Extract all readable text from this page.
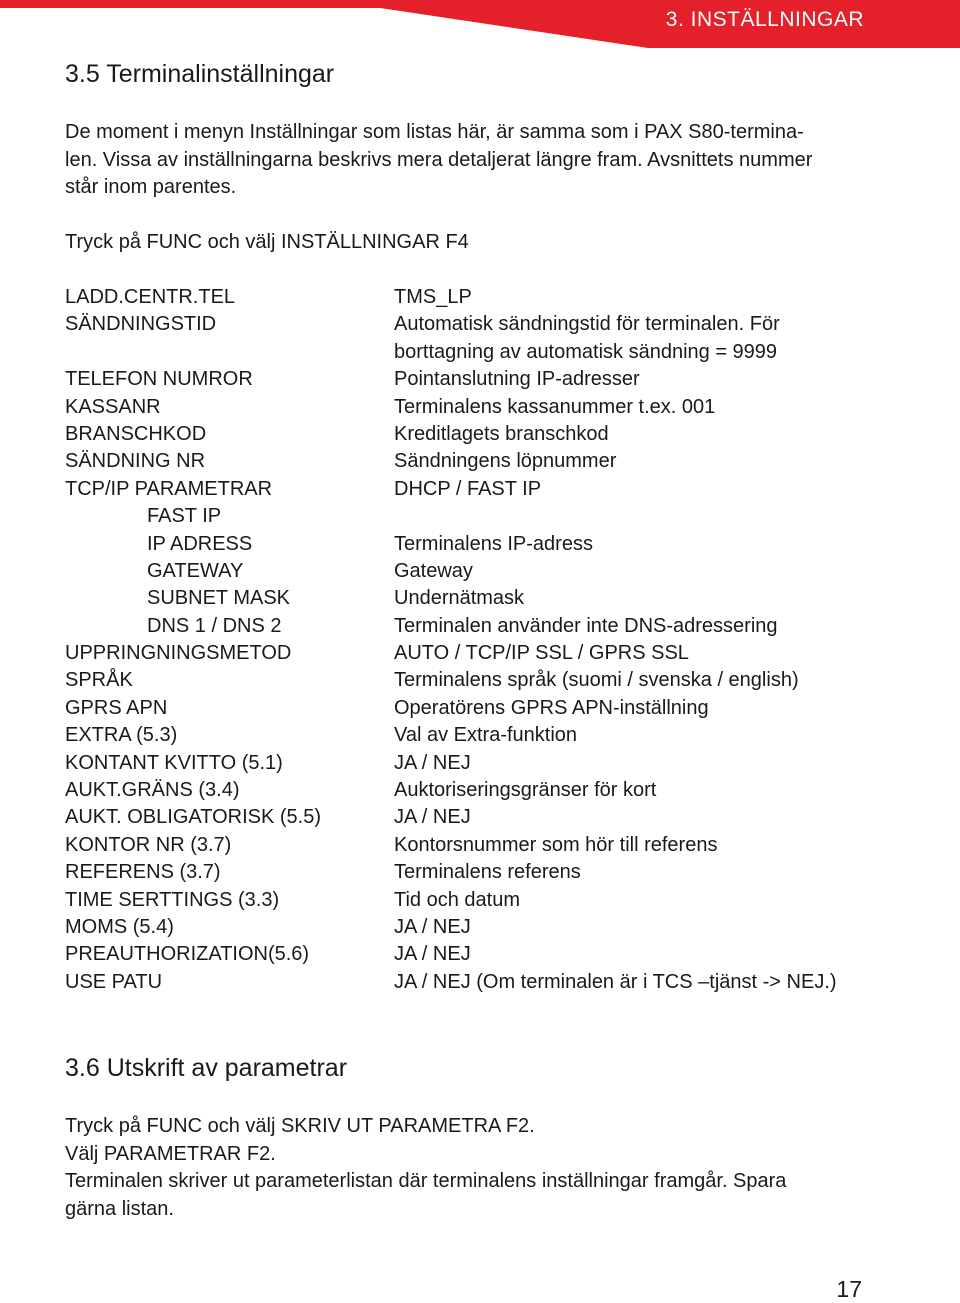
3. INSTÄLLNINGAR
3.5 Terminalinställningar
De moment i menyn Inställningar som listas här, är samma som i PAX S80-termina-
len. Vissa av inställningarna beskrivs mera detaljerat längre fram. Avsnittets nummer
står inom parentes.
Tryck på FUNC och välj INSTÄLLNINGAR F4
LADD.CENTR.TEL	TMS_LP
SÄNDNINGSTID	Automatisk sändningstid för terminalen. För
borttagning av automatisk sändning = 9999
TELEFON NUMROR	Pointanslutning IP-adresser
KASSANR	Terminalens kassanummer t.ex. 001
BRANSCHKOD	Kreditlagets branschkod
SÄNDNING NR	Sändningens löpnummer
TCP/IP PARAMETRAR	DHCP / FAST IP
FAST IP
IP ADRESS	Terminalens IP-adress
GATEWAY	Gateway
SUBNET MASK	Undernätmask
DNS 1 / DNS 2	Terminalen använder inte DNS-adressering
UPPRINGNINGSMETOD	AUTO / TCP/IP SSL / GPRS SSL
SPRÅK	Terminalens språk (suomi / svenska / english)
GPRS APN	Operatörens GPRS APN-inställning
EXTRA (5.3)	Val av Extra-funktion
KONTANT KVITTO (5.1)	JA / NEJ
AUKT.GRÄNS (3.4)	Auktoriseringsgränser för kort
AUKT. OBLIGATORISK (5.5)	JA / NEJ
KONTOR NR (3.7)	Kontorsnummer som hör till referens
REFERENS (3.7)	Terminalens referens
TIME SERTTINGS (3.3)	Tid och datum
MOMS (5.4)	JA / NEJ
PREAUTHORIZATION(5.6)	JA / NEJ
USE PATU	JA / NEJ (Om terminalen är i TCS –tjänst -> NEJ.)
3.6 Utskrift av parametrar
Tryck på FUNC och välj SKRIV UT PARAMETRA F2.
Välj PARAMETRAR F2.
Terminalen skriver ut parameterlistan där terminalens inställningar framgår. Spara
gärna listan.
17
